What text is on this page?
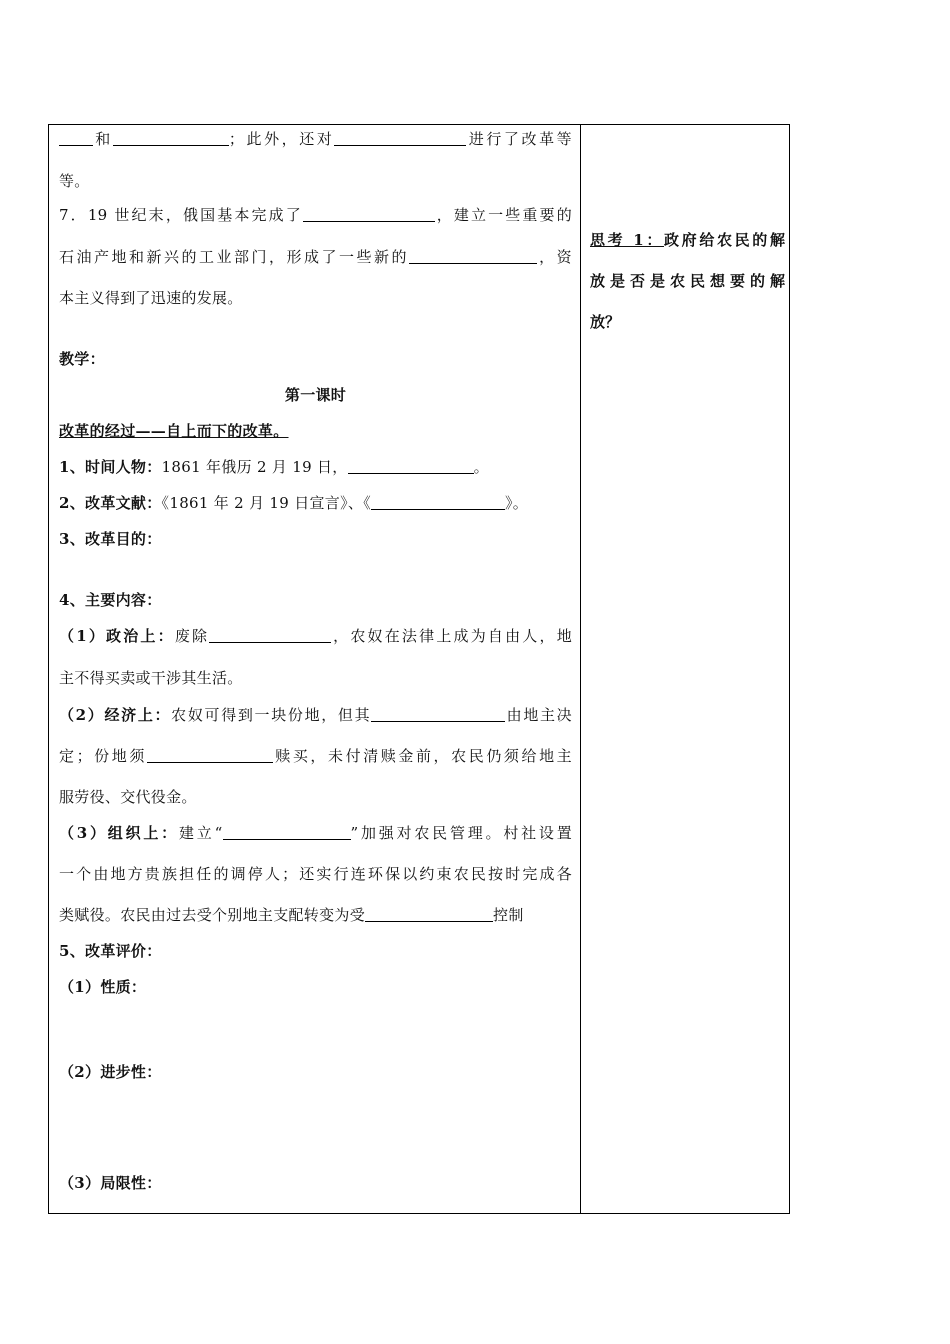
和	；此外，还对	进行了改革等
等。
7．19 世纪末，俄国基本完成了	，建立一些重要的
石油产地和新兴的工业部门，形成了一些新的	，资
本主义得到了迅速的发展。
教学：
第一课时
改革的经过——自上而下的改革。
1、时间人物：1861 年俄历 2 月 19 日，	。
2、改革文献：《1861 年 2 月 19 日宣言》、《	》。
3、改革目的：
4、主要内容：
（1）政治上：废除	，农奴在法律上成为自由人，地
主不得买卖或干涉其生活。
（2）经济上：农奴可得到一块份地，但其	由地主决
定；份地须	赎买，未付清赎金前，农民仍须给地主
服劳役、交代役金。
（3）组织上：建立“	”加强对农民管理。村社设置
一个由地方贵族担任的调停人；还实行连环保以约束农民按时完成各
类赋役。农民由过去受个别地主支配转变为受	控制
5、改革评价：
（1）性质：
（2）进步性：
（3）局限性：
思考 1：政府给农民的解
放是否是农民想要的解
放？
